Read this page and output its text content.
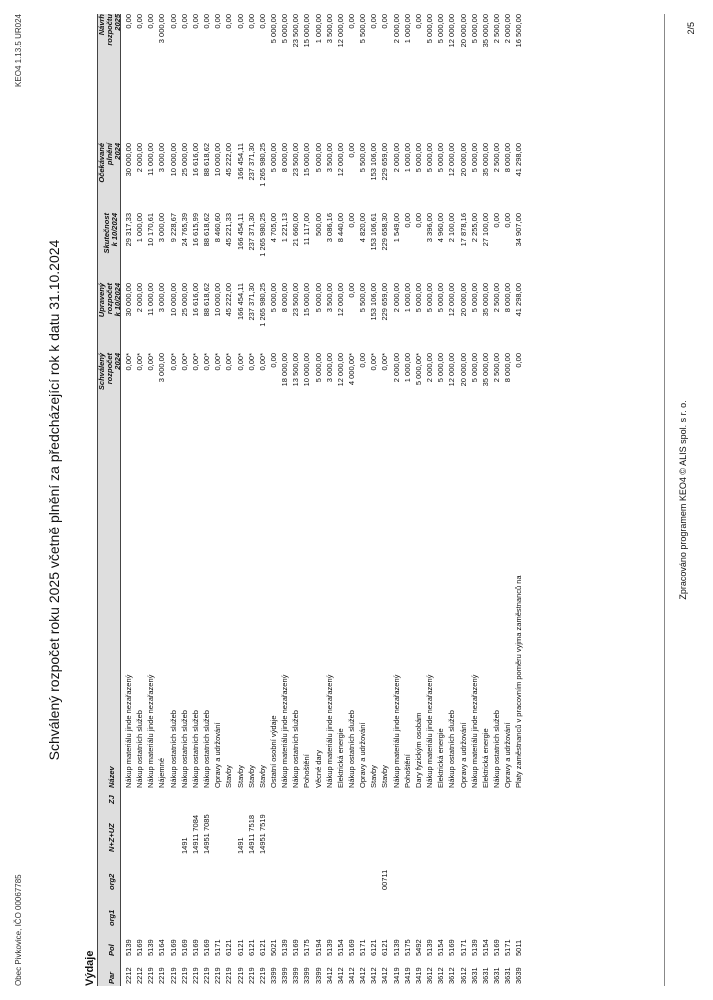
Obec Pivkovice, IČO 00067785
KEO4 1.13.5 UR024
Schválený rozpočet roku 2025 včetně plnění za předcházející rok k datu 31.10.2024
Výdaje Par
Pol
org1
org2
N+Z+UZ
ZJ
Název
Schválený rozpočet 2024
Upravený rozpočet k 10/2024
Skutečnost k 10/2024
Očekávané plnění 2024
Návrh rozpočtu 2025
2212
5139
Nákup materiálu jinde nezařazený
0,00*
30 000,00
29 317,33
30 000,00
0,00
2212
5169
Nákup ostatních služeb
0,00*
2 000,00
1 000,00
2 000,00
0,00
2219
5139
Nákup materiálu jinde nezařazený
0,00*
11 000,00
10 170,61
11 000,00
0,00
2219
5164
Nájemné
3 000,00
3 000,00
3 000,00
3 000,00
3 000,00
2219
5169
Nákup ostatních služeb
0,00*
10 000,00
9 228,67
10 000,00
0,00
2219
5169
1491
Nákup ostatních služeb
0,00*
25 000,00
24 765,39
25 000,00
0,00
2219
5169
14911 7084
Nákup ostatních služeb
0,00*
16 616,00
16 615,99
16 616,00
0,00
2219
5169
14951 7085
Nákup ostatních služeb
0,00*
88 618,62
88 618,62
88 618,62
0,00
2219
5171
Opravy a udržování
0,00*
10 000,00
8 460,60
10 000,00
0,00
2219
6121
Stavby
0,00*
45 222,00
45 221,33
45 222,00
0,00
2219
6121
1491
Stavby
0,00*
166 454,11
166 454,11
166 454,11
0,00
2219
6121
14911 7518
Stavby
0,00*
237 371,30
237 371,30
237 371,30
0,00
2219
6121
14951 7519
Stavby
0,00*
1 265 980,25
1 265 980,25
1 265 980,25
0,00
3399
5021
Ostatní osobní výdaje
0,00
5 000,00
4 705,00
5 000,00
5 000,00
3399
5139
Nákup materiálu jinde nezařazený
18 000,00
8 000,00
1 221,13
8 000,00
5 000,00
3399
5169
Nákup ostatních služeb
13 500,00
23 500,00
21 660,00
23 500,00
23 500,00
3399
5175
Pohoštění
10 000,00
15 000,00
11 117,00
15 000,00
15 000,00
3399
5194
Věcné dary
5 000,00
5 000,00
500,00
5 000,00
1 000,00
3412
5139
Nákup materiálu jinde nezařazený
3 000,00
3 500,00
3 086,16
3 500,00
3 500,00
3412
5154
Elektrická energie
12 000,00
12 000,00
8 440,00
12 000,00
12 000,00
3412
5169
Nákup ostatních služeb
4 000,00*
0,00
0,00
0,00
0,00
3412
5171
Opravy a udržování
0,00
5 500,00
4 820,00
5 500,00
5 500,00
3412
6121
Stavby
0,00*
153 106,00
153 106,61
153 106,00
0,00
3412
6121
00711
Stavby
0,00*
229 659,00
229 658,30
229 659,00
0,00
3419
5139
Nákup materiálu jinde nezařazený
2 000,00
2 000,00
1 549,00
2 000,00
2 000,00
3419
5175
Pohoštění
1 000,00
1 000,00
0,00
1 000,00
1 000,00
3419
5492
Dary fyzickým osobám
5 000,00*
5 000,00
0,00
5 000,00
0,00
3612
5139
Nákup materiálu jinde nezařazený
2 000,00
5 000,00
3 396,00
5 000,00
5 000,00
3612
5154
Elektrická energie
5 000,00
5 000,00
4 960,00
5 000,00
5 000,00
3612
5169
Nákup ostatních služeb
12 000,00
12 000,00
2 100,00
12 000,00
12 000,00
3612
5171
Opravy a udržování
20 000,00
20 000,00
17 878,16
20 000,00
20 000,00
3631
5139
Nákup materiálu jinde nezařazený
5 000,00
5 000,00
2 255,00
5 000,00
5 000,00
3631
5154
Elektrická energie
35 000,00
35 000,00
27 100,00
35 000,00
35 000,00
3631
5169
Nákup ostatních služeb
2 500,00
2 500,00
0,00
2 500,00
2 500,00
3631
5171
Opravy a udržování
8 000,00
8 000,00
0,00
8 000,00
2 000,00
3639
5011
Platy zaměstnanců v pracovním poměru vyjma zaměstnanců na
0,00
41 298,00
34 907,00
41 298,00
16 500,00
Zpracováno programem KEO4 © ALIS spol. s r. o.
2/5
